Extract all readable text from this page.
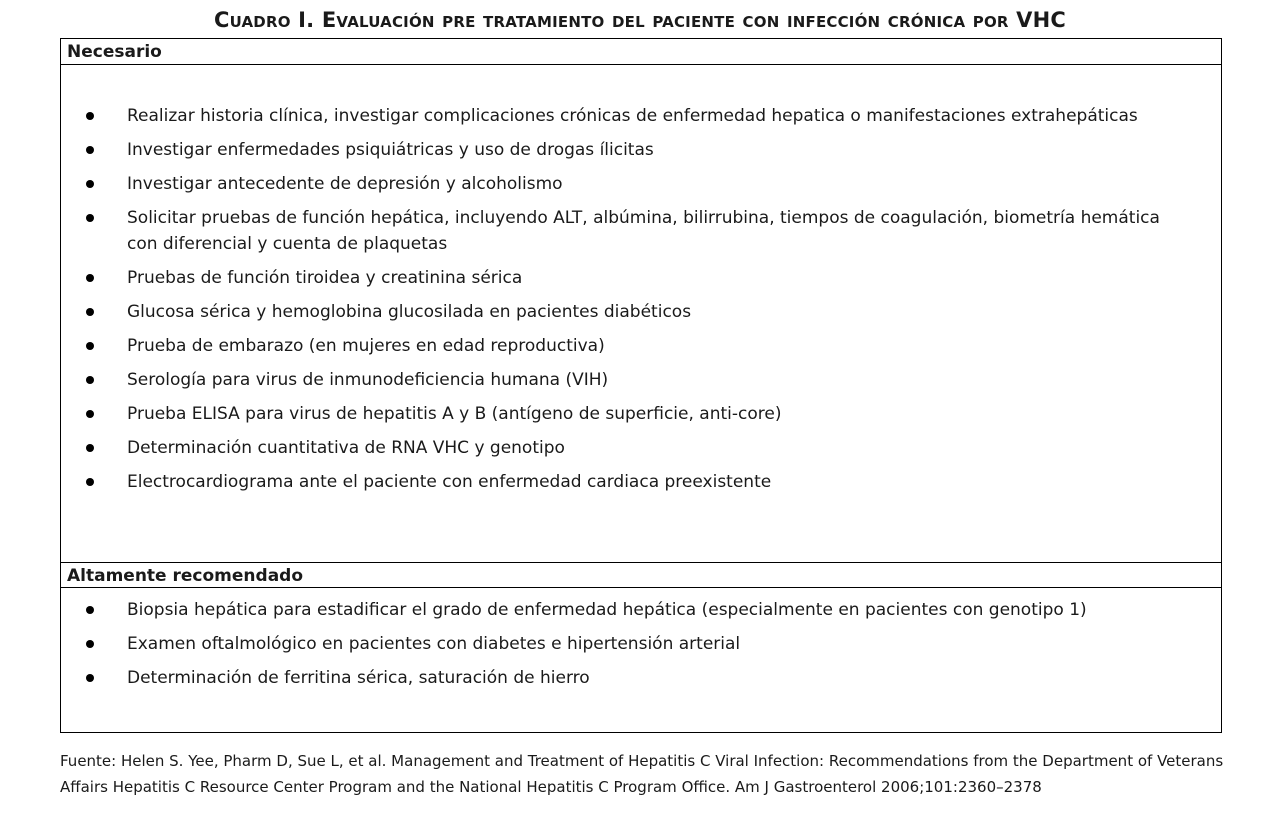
Cuadro I. Evaluación pre tratamiento del paciente con infección crónica por VHC
Necesario
Realizar historia clínica, investigar complicaciones crónicas de enfermedad hepatica o manifestaciones extrahepáticas
Investigar enfermedades psiquiátricas y uso de drogas ílicitas
Investigar antecedente de depresión y alcoholismo
Solicitar pruebas de función hepática, incluyendo ALT, albúmina, bilirrubina, tiempos de coagulación, biometría hemática con diferencial y cuenta de plaquetas
Pruebas de función tiroidea y creatinina sérica
Glucosa sérica y hemoglobina glucosilada en pacientes diabéticos
Prueba de embarazo (en mujeres en edad reproductiva)
Serología para virus de inmunodeficiencia humana (VIH)
Prueba ELISA para virus de hepatitis A y B (antígeno de superficie, anti-core)
Determinación cuantitativa de RNA VHC y genotipo
Electrocardiograma ante el paciente con enfermedad cardiaca preexistente
Altamente recomendado
Biopsia hepática para estadificar el grado de enfermedad hepática (especialmente en pacientes con genotipo 1)
Examen oftalmológico en pacientes con diabetes e hipertensión arterial
Determinación de ferritina sérica, saturación de hierro
Fuente: Helen S. Yee, Pharm D, Sue L, et al. Management and Treatment of Hepatitis C Viral Infection: Recommendations from the Department of Veterans Affairs Hepatitis C Resource Center Program and the National Hepatitis C Program Office. Am J Gastroenterol 2006;101:2360–2378
